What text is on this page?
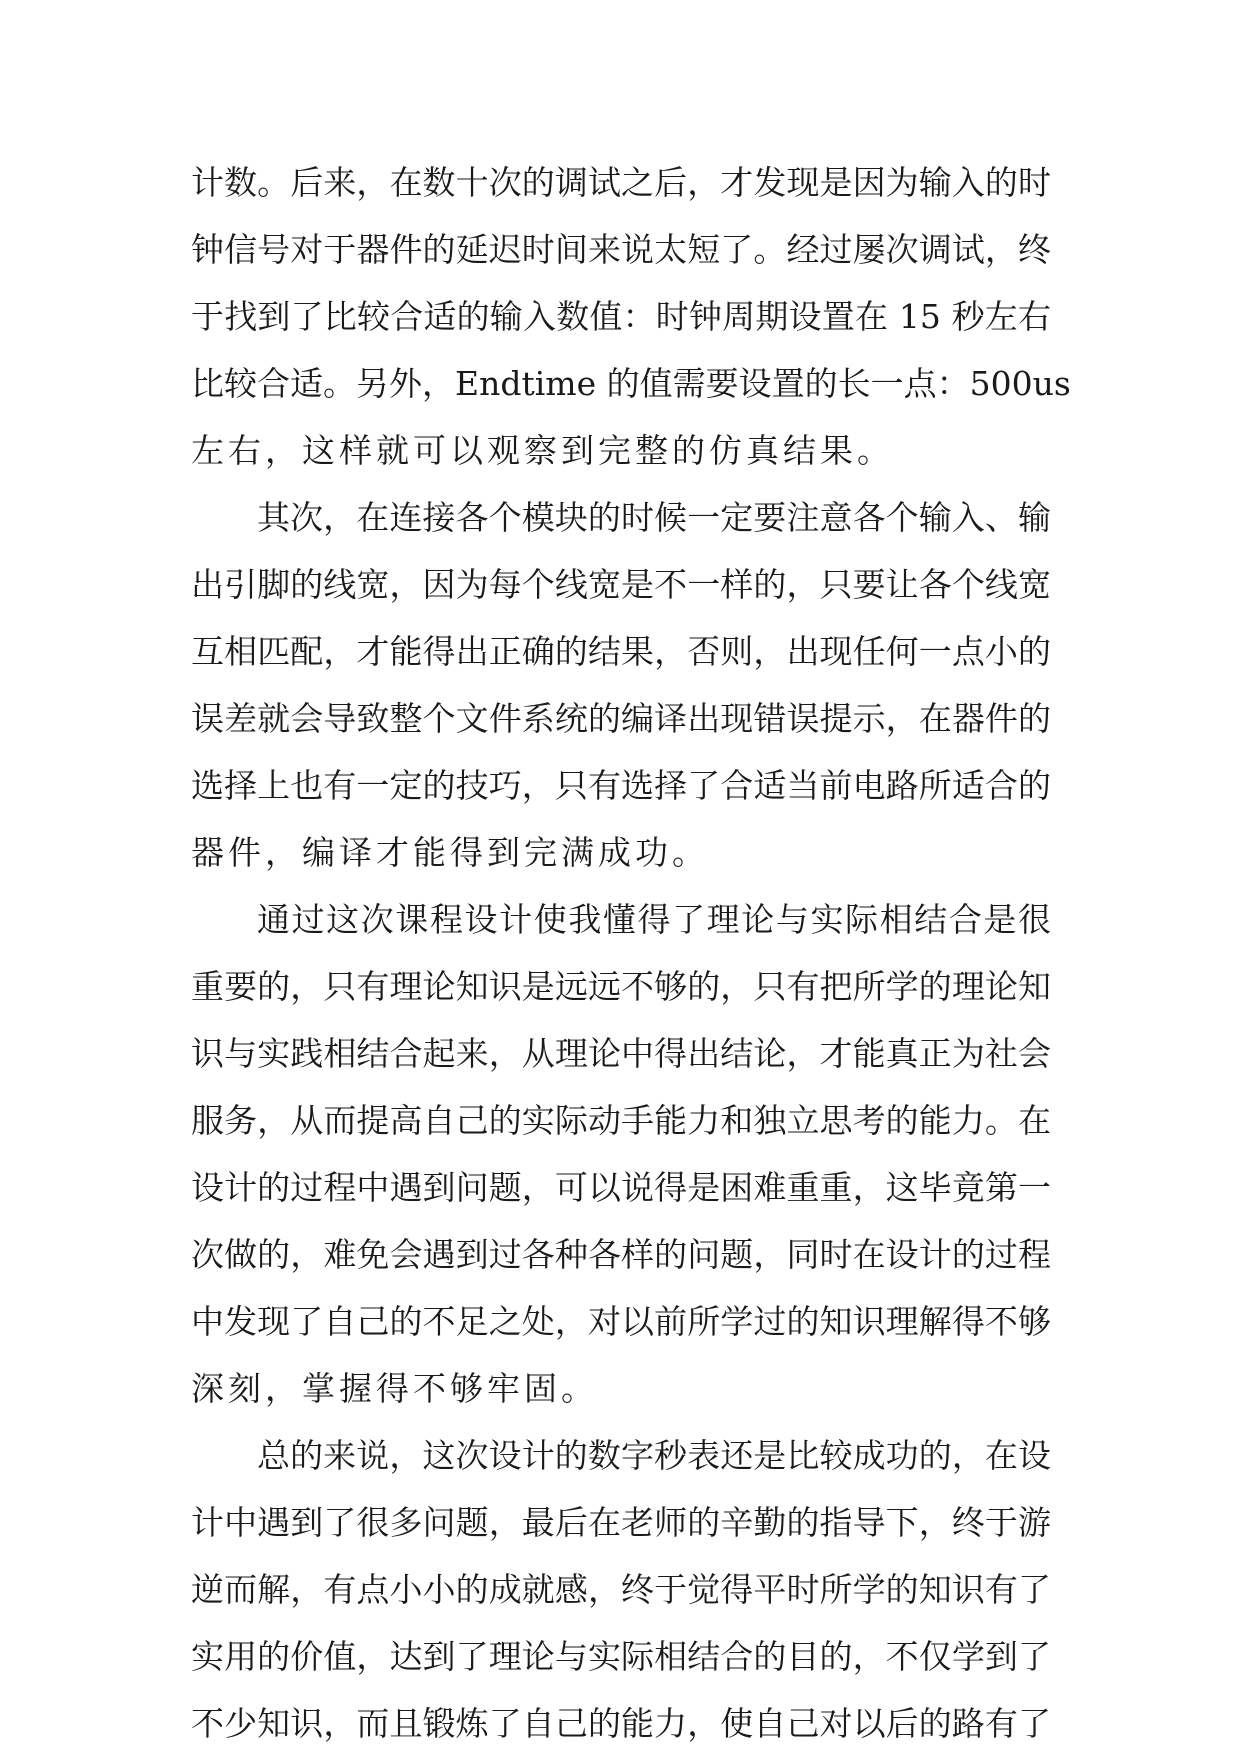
计数。后来，在数十次的调试之后，才发现是因为输入的时
钟信号对于器件的延迟时间来说太短了。经过屡次调试，终
于找到了比较合适的输入数值：时钟周期设置在 15 秒左右
比较合适。另外，Endtime 的值需要设置的长一点：500us
左右，这样就可以观察到完整的仿真结果。
其次，在连接各个模块的时候一定要注意各个输入、输
出引脚的线宽，因为每个线宽是不一样的，只要让各个线宽
互相匹配，才能得出正确的结果，否则，出现任何一点小的
误差就会导致整个文件系统的编译出现错误提示，在器件的
选择上也有一定的技巧，只有选择了合适当前电路所适合的
器件，编译才能得到完满成功。
通过这次课程设计使我懂得了理论与实际相结合是很
重要的，只有理论知识是远远不够的，只有把所学的理论知
识与实践相结合起来，从理论中得出结论，才能真正为社会
服务，从而提高自己的实际动手能力和独立思考的能力。在
设计的过程中遇到问题，可以说得是困难重重，这毕竟第一
次做的，难免会遇到过各种各样的问题，同时在设计的过程
中发现了自己的不足之处，对以前所学过的知识理解得不够
深刻，掌握得不够牢固。
总的来说，这次设计的数字秒表还是比较成功的，在设
计中遇到了很多问题，最后在老师的辛勤的指导下，终于游
逆而解，有点小小的成就感，终于觉得平时所学的知识有了
实用的价值，达到了理论与实际相结合的目的，不仅学到了
不少知识，而且锻炼了自己的能力，使自己对以后的路有了
